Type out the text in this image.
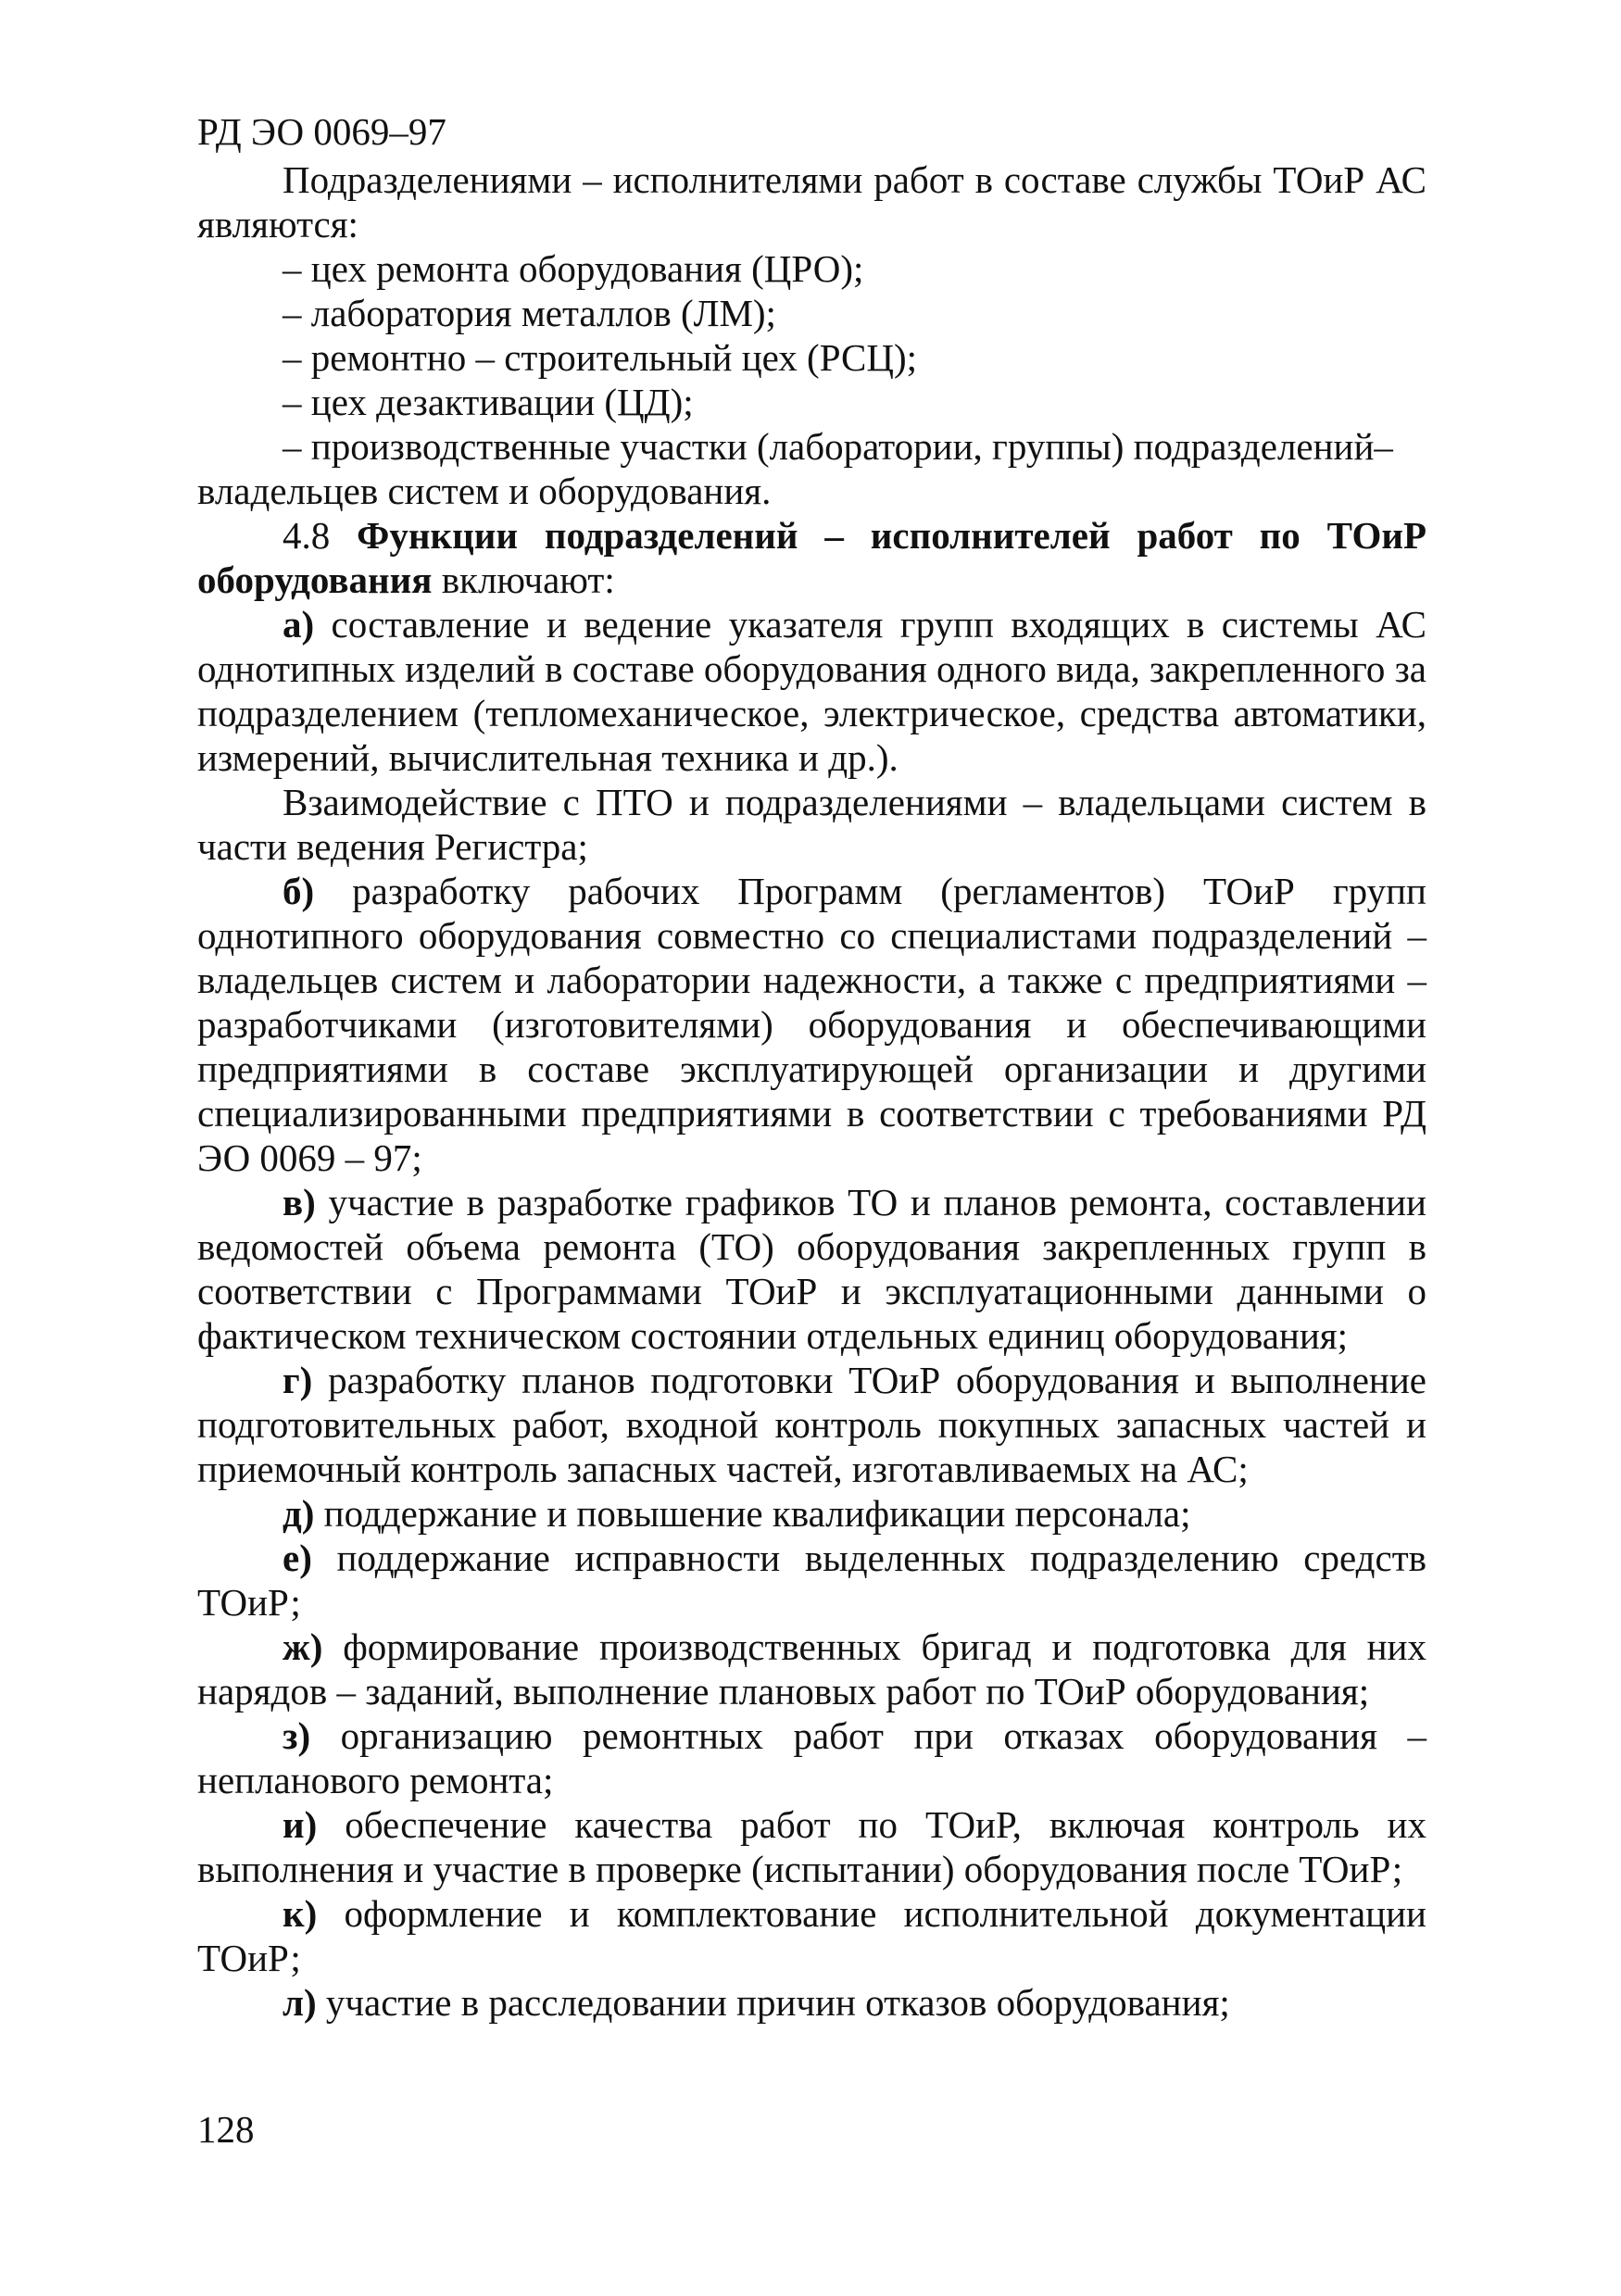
РД ЭО 0069–97

Подразделениями – исполнителями работ в составе службы ТОиР АС являются:

– цех ремонта оборудования (ЦРО);

– лаборатория металлов (ЛМ);

– ремонтно – строительный цех (РСЦ);

– цех дезактивации (ЦД);

– производственные участки (лаборатории, группы) подразделений–
владельцев систем и оборудования.

4.8 Функции подразделений – исполнителей работ по ТОиР оборудования включают:

а) составление и ведение указателя групп входящих в системы АС однотипных изделий в составе оборудования одного вида, закрепленного за подразделением (тепломеханическое, электрическое, средства автоматики, измерений, вычислительная техника и др.).

Взаимодействие с ПТО и подразделениями – владельцами систем в части ведения Регистра;

б) разработку рабочих Программ (регламентов) ТОиР групп однотипного оборудования совместно со специалистами подразделений – владельцев систем и лаборатории надежности, а также с предприятиями – разработчиками (изготовителями) оборудования и обеспечивающими предприятиями в составе эксплуатирующей организации и другими специализированными предприятиями в соответствии с требованиями РД ЭО 0069 – 97;

в) участие в разработке графиков ТО и планов ремонта, составлении ведомостей объема ремонта (ТО) оборудования закрепленных групп в соответствии с Программами ТОиР и эксплуатационными данными о фактическом техническом состоянии отдельных единиц оборудования;

г) разработку планов подготовки ТОиР оборудования и выполнение подготовительных работ, входной контроль покупных запасных частей и приемочный контроль запасных частей, изготавливаемых на АС;

д) поддержание и повышение квалификации персонала;

е) поддержание исправности выделенных подразделению средств ТОиР;

ж) формирование производственных бригад и подготовка для них нарядов – заданий, выполнение плановых работ по ТОиР оборудования;

з) организацию ремонтных работ при отказах оборудования – непланового ремонта;

и) обеспечение качества работ по ТОиР, включая контроль их выполнения и участие в проверке (испытании) оборудования после ТОиР;

к) оформление и комплектование исполнительной документации ТОиР;

л) участие в расследовании причин отказов оборудования;

128
